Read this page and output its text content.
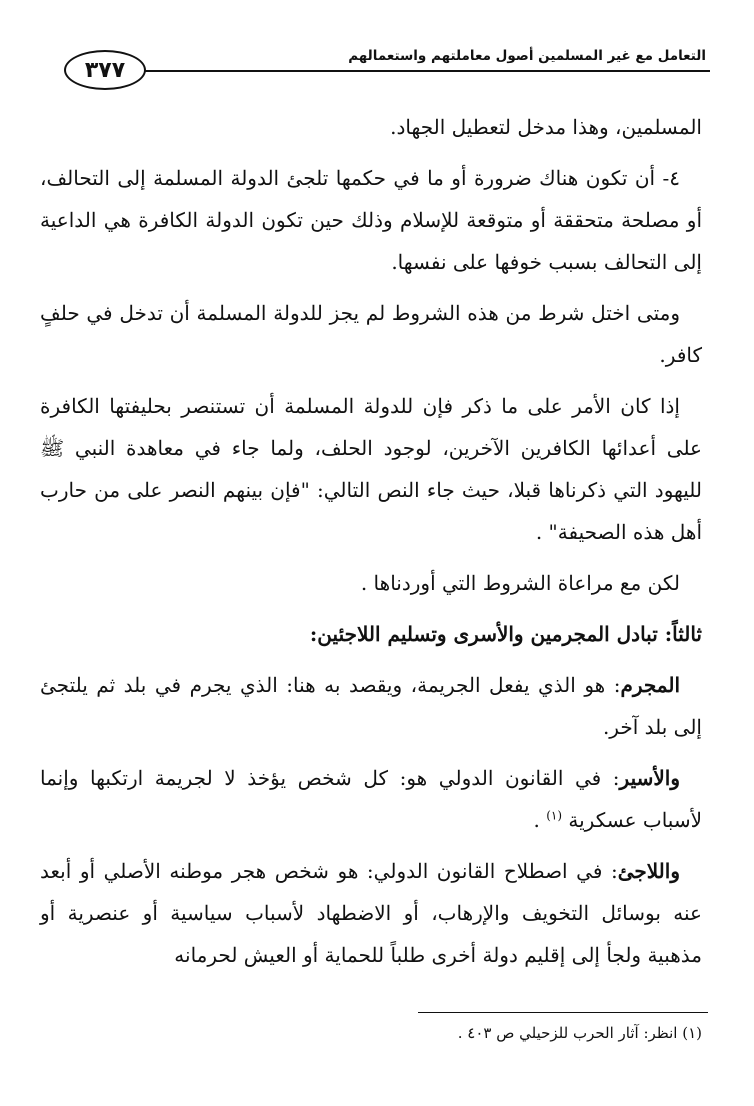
التعامل مع غير المسلمين أصول معاملتهم واستعمالهم
٣٧٧

المسلمين، وهذا مدخل لتعطيل الجهاد.

٤- أن تكون هناك ضرورة أو ما في حكمها تلجئ الدولة المسلمة إلى التحالف، أو مصلحة متحققة أو متوقعة للإسلام وذلك حين تكون الدولة الكافرة هي الداعية إلى التحالف بسبب خوفها على نفسها.

ومتى اختل شرط من هذه الشروط لم يجز للدولة المسلمة أن تدخل في حلفٍ كافر.

إذا كان الأمر على ما ذكر فإن للدولة المسلمة أن تستنصر بحليفتها الكافرة على أعدائها الكافرين الآخرين، لوجود الحلف، ولما جاء في معاهدة النبي ﷺ لليهود التي ذكرناها قبلا، حيث جاء النص التالي: "فإن بينهم النصر على من حارب أهل هذه الصحيفة" .

لكن مع مراعاة الشروط التي أوردناها .

ثالثاً: تبادل المجرمين والأسرى وتسليم اللاجئين:

المجرم: هو الذي يفعل الجريمة، ويقصد به هنا: الذي يجرم في بلد ثم يلتجئ إلى بلد آخر.

والأسير: في القانون الدولي هو: كل شخص يؤخذ لا لجريمة ارتكبها وإنما لأسباب عسكرية $^{(١)}$ .

واللاجئ: في اصطلاح القانون الدولي: هو شخص هجر موطنه الأصلي أو أبعد عنه بوسائل التخويف والإرهاب، أو الاضطهاد لأسباب سياسية أو عنصرية أو مذهبية ولجأ إلى إقليم دولة أخرى طلباً للحماية أو العيش لحرمانه

(١) انظر: آثار الحرب للزحيلي ص ٤٠٣ .
